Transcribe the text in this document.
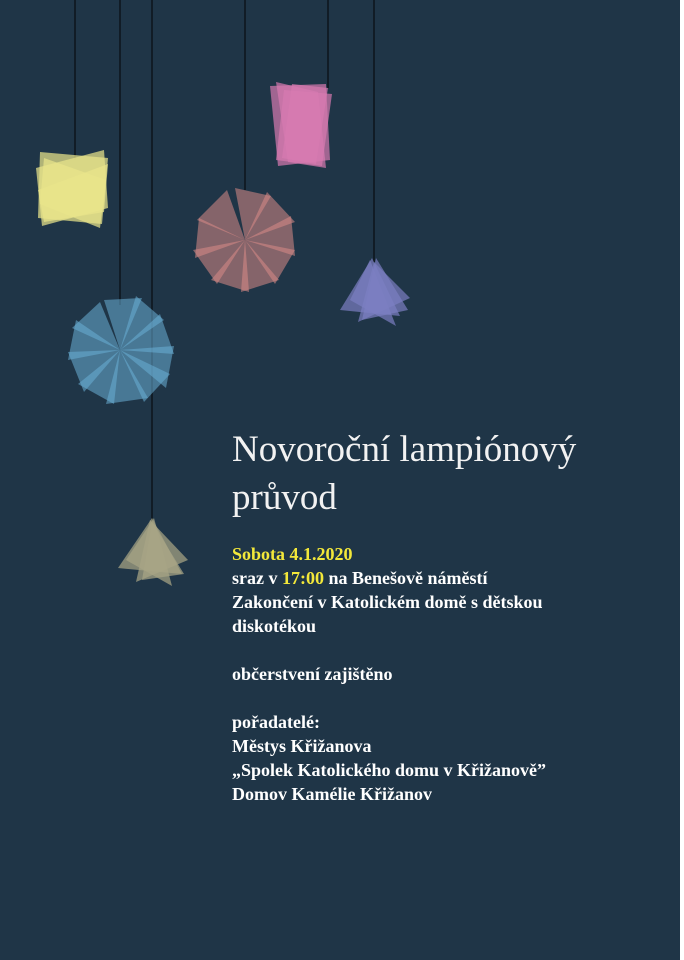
Novoroční lampiónový
průvod
Sobota 4.1.2020
sraz v 17:00 na Benešově náměstí
Zakončení v Katolickém domě s dětskou
diskotékou
občerstvení zajištěno
pořadatelé:
Městys Křižanova
„Spolek Katolického domu v Křižanově”
Domov Kamélie Křižanov
